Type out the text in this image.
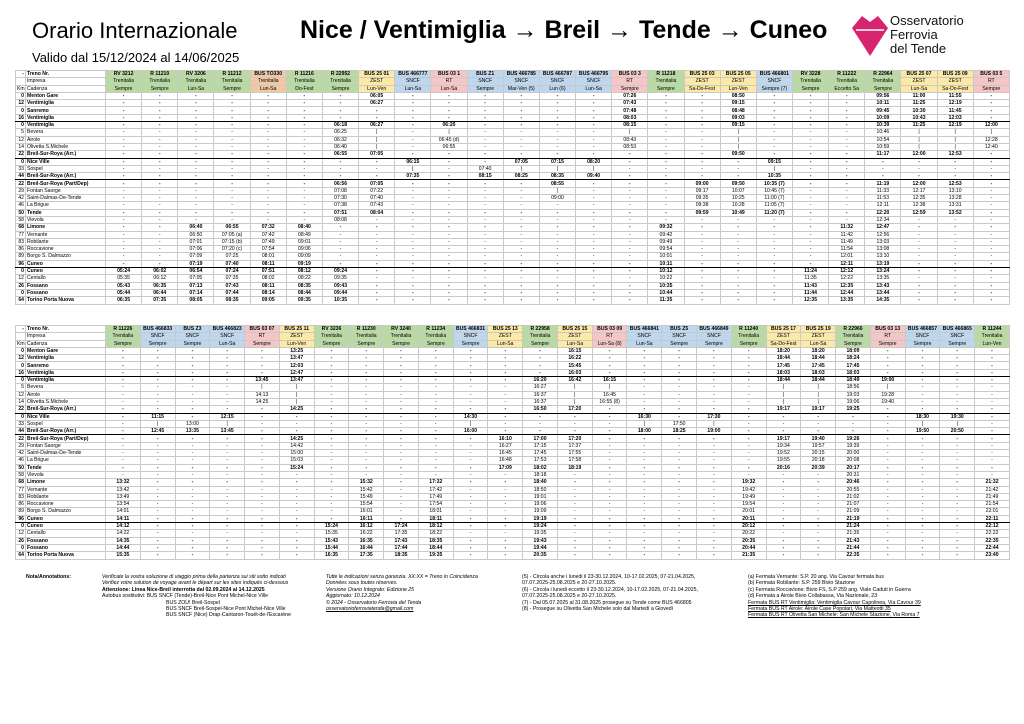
Orario Internazionale	Nice / Ventimiglia → Breil → Tende → Cuneo
Valido dal 15/12/2024 al 14/06/2025
Osservatorio
Ferrovia
del Tende
-	Treno Nr.	RV 3212	R 11210	RV 3206	R 11212	BUS TO330	R 11216	R 22952	BUS 25 01	BUS 466777	BUS 03 1	BUS Z1	BUS 466785	BUS 466787	BUS 466795	BUS 03 3	R 11218	BUS 25 03	BUS 25 05	BUS 466801	RV 3228	R 11222	R 22964	BUS 25 07	BUS 25 09	BUS 03 5
	Impresa	Trenitalia	Trenitalia	Trenitalia	Trenitalia	Trenitalia	Trenitalia	Trenitalia	ZEST	SNCF	RT	SNCF	SNCF	SNCF	SNCF	RT	Trenitalia	ZEST	ZEST	SNCF	Trenitalia	Trenitalia	Trenitalia	ZEST	ZEST	RT
Km	Cadenza	Sempre	Sempre	Lun-Sa	Sempre	Lun-Sa	Do-Fest	Sempre	Lun-Ven	Lun-Sa	Lun-Sa	Sempre	Mar-Ven (5)	Lun (6)	Lun-Sa	Sempre	Sempre	Sa-Do-Fest	Lun-Ven	Sempre (7)	Sempre	Eccetto Sa	Sempre	Lun-Sa	Sa-Do-Fest	Sempre
0	Menton Gare	-	-	-	-	-	-	-	06:05	-	-	-	-	-	-	07:26	-	-	08:50	-	-	-	09:56	11:00	11:55	-
12	Ventimiglia	-	-	-	-	-	-	-	06:27	-	-	-	-	-	-	07:43	-	-	09:15	-	-	-	10:11	11:25	12:19	-
0	Sanremo	-	-	-	-	-	-	-	-	-	-	-	-	-	-	07:48	-	-	08:48	-	-	-	09:45	10:30	11:45	-
16	Ventimiglia	-	-	-	-	-	-	-	-	-	-	-	-	-	-	08:03	-	-	09:03	-	-	-	10:09	10:43	12:03	-
0	Ventimiglia	-	-	-	-	-	-	06:18	06:27	-	06:20	-	-	-	-	08:15	-	-	09:15	-	-	-	10:39	11:25	12:19	12:00
5	Bevera	-	-	-	-	-	-	06:25	|	-	|	-	-	-	-	|	-	-	|	-	-	-	10:46	|	|	|
12	Airole	-	-	-	-	-	-	06:32	|	-	06:45 (d)	-	-	-	-	08:43	-	-	|	-	-	-	10:54	|	|	12:28
14	Olivetta S.Michele	-	-	-	-	-	-	06:40	|	-	06:55	-	-	-	-	08:53	-	-	|	-	-	-	10:59	|	|	12:40
22	Breil-Sur-Roya (Arr.)	-	-	-	-	-	-	06:55	07:05	-	-	-	-	-	-	-	-	-	09:50	-	-	-	11:17	12:00	12:53	-
0	Nice Ville	-	-	-	-	-	-	-	-	06:15	-	-	07:05	07:15	08:20	-	-	-	-	09:15	-	-	-	-	-	-
33	Sospel	-	-	-	-	-	-	-	-	|	-	07:40	|	|	|	-	-	-	-	|	-	-	-	-	-	-
44	Breil-Sur-Roya (Arr.)	-	-	-	-	-	-	-	-	07:35	-	08:15	08:25	08:35	09:40	-	-	-	-	10:35	-	-	-	-	-	-
22	Breil-Sur-Roya (Part/Dep)	-	-	-	-	-	-	06:56	07:05	-	-	-	-	08:55	-	-	-	09:00	09:50	10:35 (7)	-	-	11:19	12:00	12:53	-
29	Fontan Saorge	-	-	-	-	-	-	07:08	07:22	-	-	-	-	|	-	-	-	09:17	10:07	10:45 (7)	-	-	11:33	12:17	13:10	-
42	Saint-Dalmas-De-Tende	-	-	-	-	-	-	07:30	07:40	-	-	-	-	09:00	-	-	-	09:35	10:25	11:00 (7)	-	-	11:53	12:35	13:28	-
46	La Brigue	-	-	-	-	-	-	07:38	07:43	-	-	-	-	-	-	-	-	09:38	10:28	11:05 (7)	-	-	12:11	12:38	13:31	-
50	Tende	-	-	-	-	-	-	07:51	08:04	-	-	-	-	-	-	-	-	09:59	10:49	11:20 (7)	-	-	12:20	12:59	13:52	-
58	Vievola	-	-	-	-	-	-	08:08	-	-	-	-	-	-	-	-	-	-	-	-	-	-	12:34	-	-	-
68	Limone	-	-	06:40	06:55	07:32	08:40	-	-	-	-	-	-	-	-	-	09:32	-	-	-	-	11:32	12:47	-	-	-
77	Vernante	-	-	06:50	07:05 (a)	07:42	08:49	-	-	-	-	-	-	-	-	-	09:42	-	-	-	-	11:42	12:56	-	-	-
83	Robilante	-	-	07:01	07:15 (b)	07:49	09:01	-	-	-	-	-	-	-	-	-	09:49	-	-	-	-	11:49	13:03	-	-	-
86	Roccavione	-	-	07:06	07:20 (c)	07:54	09:06	-	-	-	-	-	-	-	-	-	09:54	-	-	-	-	11:54	13:08	-	-	-
89	Borgo S. Dalmazzo	-	-	07:09	07:25	08:01	09:09	-	-	-	-	-	-	-	-	-	10:01	-	-	-	-	12:01	13:10	-	-	-
96	Cuneo	-	-	07:19	07:40	08:11	09:19	-	-	-	-	-	-	-	-	-	10:11	-	-	-	-	12:11	13:19	-	-	-
0	Cuneo	05:24	06:02	06:54	07:24	07:51	08:12	09:24	-	-	-	-	-	-	-	-	10:12	-	-	-	11:24	12:12	13:24	-	-	-
12	Centallo	05:35	06:12	07:05	07:35	08:02	08:22	09:35	-	-	-	-	-	-	-	-	10:22	-	-	-	11:35	12:22	13:35	-	-	-
26	Fossano	05:43	06:35	07:13	07:43	08:11	08:35	09:43	-	-	-	-	-	-	-	-	10:35	-	-	-	11:43	12:35	13:43	-	-	-
0	Fossano	05:44	06:44	07:14	07:44	08:14	08:44	09:44	-	-	-	-	-	-	-	-	10:44	-	-	-	11:44	12:44	13:44	-	-	-
64	Torino Porta Nuova	06:35	07:35	08:05	08:35	09:05	09:35	10:35	-	-	-	-	-	-	-	-	11:35	-	-	-	12:35	13:35	14:35	-	-	-
-	Treno Nr.	R 11226	BUS 466833	BUS Z3	BUS 466823	BUS 03 07	BUS 25 11	RV 3236	R 11230	RV 3240	R 11234	BUS 466831	BUS 25 13	R 22958	BUS 25 15	BUS 03 09	BUS 466841	BUS Z5	BUS 466849	R 11240	BUS 25 17	BUS 25 19	R 22966	BUS 03 13	BUS 466857	BUS 466865	R 11244
	Impresa	Trenitalia	SNCF	SNCF	SNCF	RT	ZEST	Trenitalia	Trenitalia	Trenitalia	Trenitalia	SNCF	ZEST	Trenitalia	ZEST	RT	SNCF	SNCF	SNCF	Trenitalia	ZEST	ZEST	Trenitalia	RT	SNCF	SNCF	Trenitalia
Km	Cadenza	Sempre	Sempre	Sempre	Lun-Sa	Sempre	Lun-Ven	Sempre	Sempre	Sempre	Sempre	Sempre	Lun-Sa	Sempre	Lun-Sa	Lun-Sa (8)	Lun-Sa	Sempre	Sempre	Sempre	Sa-Do-Fest	Lun-Sa	Sempre	Sempre	Sempre	Sempre	Lun-Ven
0	Menton Gare	-	-	-	-	-	13:25	-	-	-	-	-	-	-	16:15	-	-	-	-	-	18:20	18:20	18:09	-	-	-	-
12	Ventimiglia	-	-	-	-	-	13:47	-	-	-	-	-	-	-	16:22	-	-	-	-	-	18:44	18:44	18:24	-	-	-	-
0	Sanremo	-	-	-	-	-	12:03	-	-	-	-	-	-	-	15:45	-	-	-	-	-	17:45	17:45	17:45	-	-	-	-
16	Ventimiglia	-	-	-	-	-	12:47	-	-	-	-	-	-	-	16:03	-	-	-	-	-	18:03	18:03	18:03	-	-	-	-
0	Ventimiglia	-	-	-	-	13:45	13:47	-	-	-	-	-	-	16:20	16:42	16:15	-	-	-	-	18:44	18:44	18:49	19:00	-	-	-
5	Bevera	-	-	-	-	|	|	-	-	-	-	-	-	16:27	|	|	-	-	-	-	|	|	18:56	|	-	-	-
12	Airole	-	-	-	-	14:13	|	-	-	-	-	-	-	16:37	|	16:45	-	-	-	-	|	|	19:03	19:28	-	-	-
14	Olivetta S.Michele	-	-	-	-	14:25	|	-	-	-	-	-	-	16:37	|	16:55 (8)	-	-	-	-	|	|	19:06	19:40	-	-	-
22	Breil-Sur-Roya (Arr.)	-	-	-	-	-	14:25	-	-	-	-	-	-	16:50	17:20	-	-	-	-	-	19:17	19:17	19:25	-	-	-	-
0	Nice Ville	-	11:15	-	12:15	-	-	-	-	-	-	14:30	-	-	-	-	16:30	-	17:30	-	-	-	-	-	18:30	19:30	-
33	Sospel	-	|	13:00	|	-	-	-	-	-	-	|	-	-	-	-	|	17:50	|	-	-	-	-	-	|	|	-
44	Breil-Sur-Roya (Arr.)	-	12:45	13:35	13:45	-	-	-	-	-	-	16:00	-	-	-	-	18:00	18:25	19:00	-	-	-	-	-	19:50	20:50	-
22	Breil-Sur-Roya (Part/Dep)	-	-	-	-	-	14:25	-	-	-	-	-	16:10	17:00	17:20	-	-	-	-	-	19:17	19:40	19:26	-	-	-	-
29	Fontan Saorge	-	-	-	-	-	14:42	-	-	-	-	-	16:27	17:15	17:37	-	-	-	-	-	19:34	19:57	19:39	-	-	-	-
42	Saint-Dalmas-De-Tende	-	-	-	-	-	15:00	-	-	-	-	-	16:45	17:45	17:55	-	-	-	-	-	19:52	20:15	20:00	-	-	-	-
46	La Brigue	-	-	-	-	-	15:03	-	-	-	-	-	16:48	17:53	17:58	-	-	-	-	-	19:55	20:18	20:08	-	-	-	-
50	Tende	-	-	-	-	-	15:24	-	-	-	-	-	17:09	18:02	18:19	-	-	-	-	-	20:16	20:39	20:17	-	-	-	-
58	Vievola	-	-	-	-	-	-	-	-	-	-	-	-	18:18	-	-	-	-	-	-	-	-	20:31	-	-	-	-
68	Limone	13:32	-	-	-	-	-	-	15:32	-	17:32	-	-	18:40	-	-	-	-	-	19:32	-	-	20:46	-	-	-	21:32
77	Vernante	13:42	-	-	-	-	-	-	15:42	-	17:42	-	-	18:50	-	-	-	-	-	19:42	-	-	20:55	-	-	-	21:42
83	Robilante	13:49	-	-	-	-	-	-	15:49	-	17:49	-	-	19:01	-	-	-	-	-	19:49	-	-	21:02	-	-	-	21:49
86	Roccavione	13:54	-	-	-	-	-	-	15:54	-	17:54	-	-	19:06	-	-	-	-	-	19:54	-	-	21:07	-	-	-	21:54
89	Borgo S. Dalmazzo	14:01	-	-	-	-	-	-	16:01	-	18:01	-	-	19:09	-	-	-	-	-	20:01	-	-	21:09	-	-	-	22:01
96	Cuneo	14:11	-	-	-	-	-	-	16:11	-	18:11	-	-	19:19	-	-	-	-	-	20:11	-	-	21:19	-	-	-	22:11
0	Cuneo	14:12	-	-	-	-	-	15:24	16:12	17:24	18:12	-	-	19:24	-	-	-	-	-	20:12	-	-	21:24	-	-	-	22:12
12	Centallo	14:22	-	-	-	-	-	15:35	16:22	17:35	18:22	-	-	19:35	-	-	-	-	-	20:22	-	-	21:35	-	-	-	22:22
26	Fossano	14:35	-	-	-	-	-	15:43	16:35	17:43	18:35	-	-	19:43	-	-	-	-	-	20:35	-	-	21:43	-	-	-	22:35
0	Fossano	14:44	-	-	-	-	-	15:44	16:44	17:44	18:44	-	-	19:44	-	-	-	-	-	20:44	-	-	21:44	-	-	-	22:44
64	Torino Porta Nuova	15:35	-	-	-	-	-	16:35	17:35	18:35	19:35	-	-	20:35	-	-	-	-	-	21:35	-	-	22:35	-	-	-	23:40
Nota/Annotations:	Verificate la vostra soluzione di viaggio prima della partenza sui siti sotto indicati
Verifiez votre solution de voyage avant le départ sur les sites indiqués ci-dessous
Attenzione: Linea Nice-Breil interrotta dal 02.09.2024 al 14.12.2025
Autobus sostitutivi: BUS SNCF (Tende)-Breil-Nice Pont Michel-Nice Ville
BUS ZOU! Breil-Sospel
BUS SNCF Breil-Sospel-Nice Pont Michel-Nice Ville
BUS SNCF (Nice) Drap-Cantaron-Touët-de-l'Escarène
Tutte le indicazioni senza garanzia. XX:XX = Treno in Coincidenza
Données sous toutes réserves.
Versione Orario Integrato: Edizione 25
Aggiornato: 10.12.2024
© 2024 - Osservatorio Ferrovia del Tenda
osservatorioferroviatenda@gmail.com
(5) - Circola anche i lunedi il 23-30.12.2024, 10-17.02.2025, 07-21.04.2025,
07.07.2025-25.08.2025 e 20-27.10.2025.
(6) - Circola i lunedi eccetto il 23-30.12.2024, 10-17.02.2025, 07-21.04.2025,
07.07.2025-25.08.2025 e 20-27.10.2025.
(7) - Dal 05.07.2025 al 31.08.2025 prosegue su Tende come BUS 466805
(8) - Prosegue su Olivetta San Michele solo dal Martedì a Giovedì
(a) Fermata Vernante: S.P. 20 ang. Via Cavour fermata bus
(b) Fermata Robilante: S.P. 259 Bivio Stazione
(c) Fermata Roccavione: Bivio FS, S.P 259 ang. Viale Caduti in Guerra
(d) Fermata a Airole Bivio Collabassa, Via Nazionale, 23
Fermata BUS RT Ventimiglia: Ventimiglia Cavour Capolinea, Via Cavour 39
Fermata BUS RT Airole: Airole Case Popolari, Via Matteotti 35
Fermata BUS RT Olivetta San Michele: San Michele Stazione, Via Roma 7
